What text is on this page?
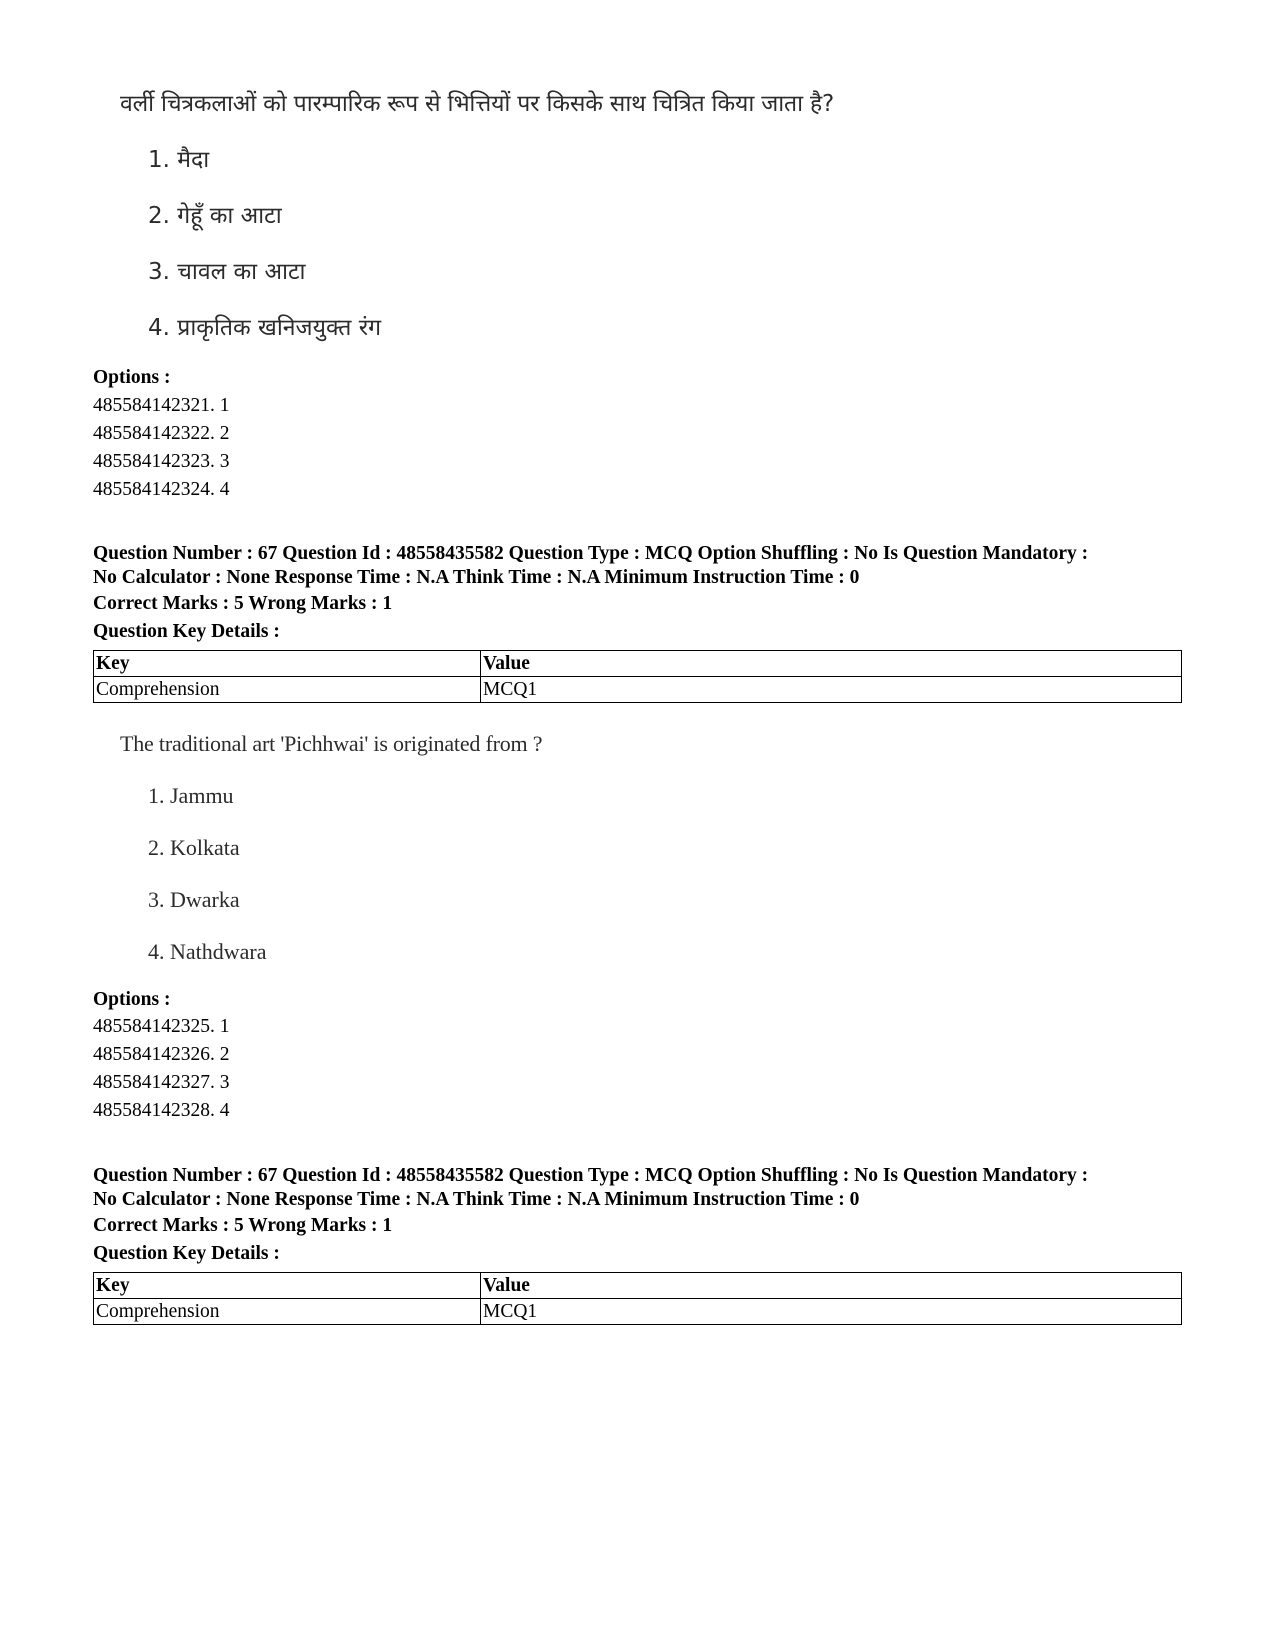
वर्ली चित्रकलाओं को पारम्पारिक रूप से भित्तियों पर किसके साथ चित्रित किया जाता है?
1. मैदा
2. गेहूँ का आटा
3. चावल का आटा
4. प्राकृतिक खनिजयुक्त रंग
Options :
485584142321. 1
485584142322. 2
485584142323. 3
485584142324. 4
Question Number : 67 Question Id : 48558435582 Question Type : MCQ Option Shuffling : No Is Question Mandatory :
No Calculator : None Response Time : N.A Think Time : N.A Minimum Instruction Time : 0
Correct Marks : 5 Wrong Marks : 1
Question Key Details :
Key	Value
Comprehension	MCQ1
The traditional art 'Pichhwai' is originated from ?
1. Jammu
2. Kolkata
3. Dwarka
4. Nathdwara
Options :
485584142325. 1
485584142326. 2
485584142327. 3
485584142328. 4
Question Number : 67 Question Id : 48558435582 Question Type : MCQ Option Shuffling : No Is Question Mandatory :
No Calculator : None Response Time : N.A Think Time : N.A Minimum Instruction Time : 0
Correct Marks : 5 Wrong Marks : 1
Question Key Details :
Key	Value
Comprehension	MCQ1
